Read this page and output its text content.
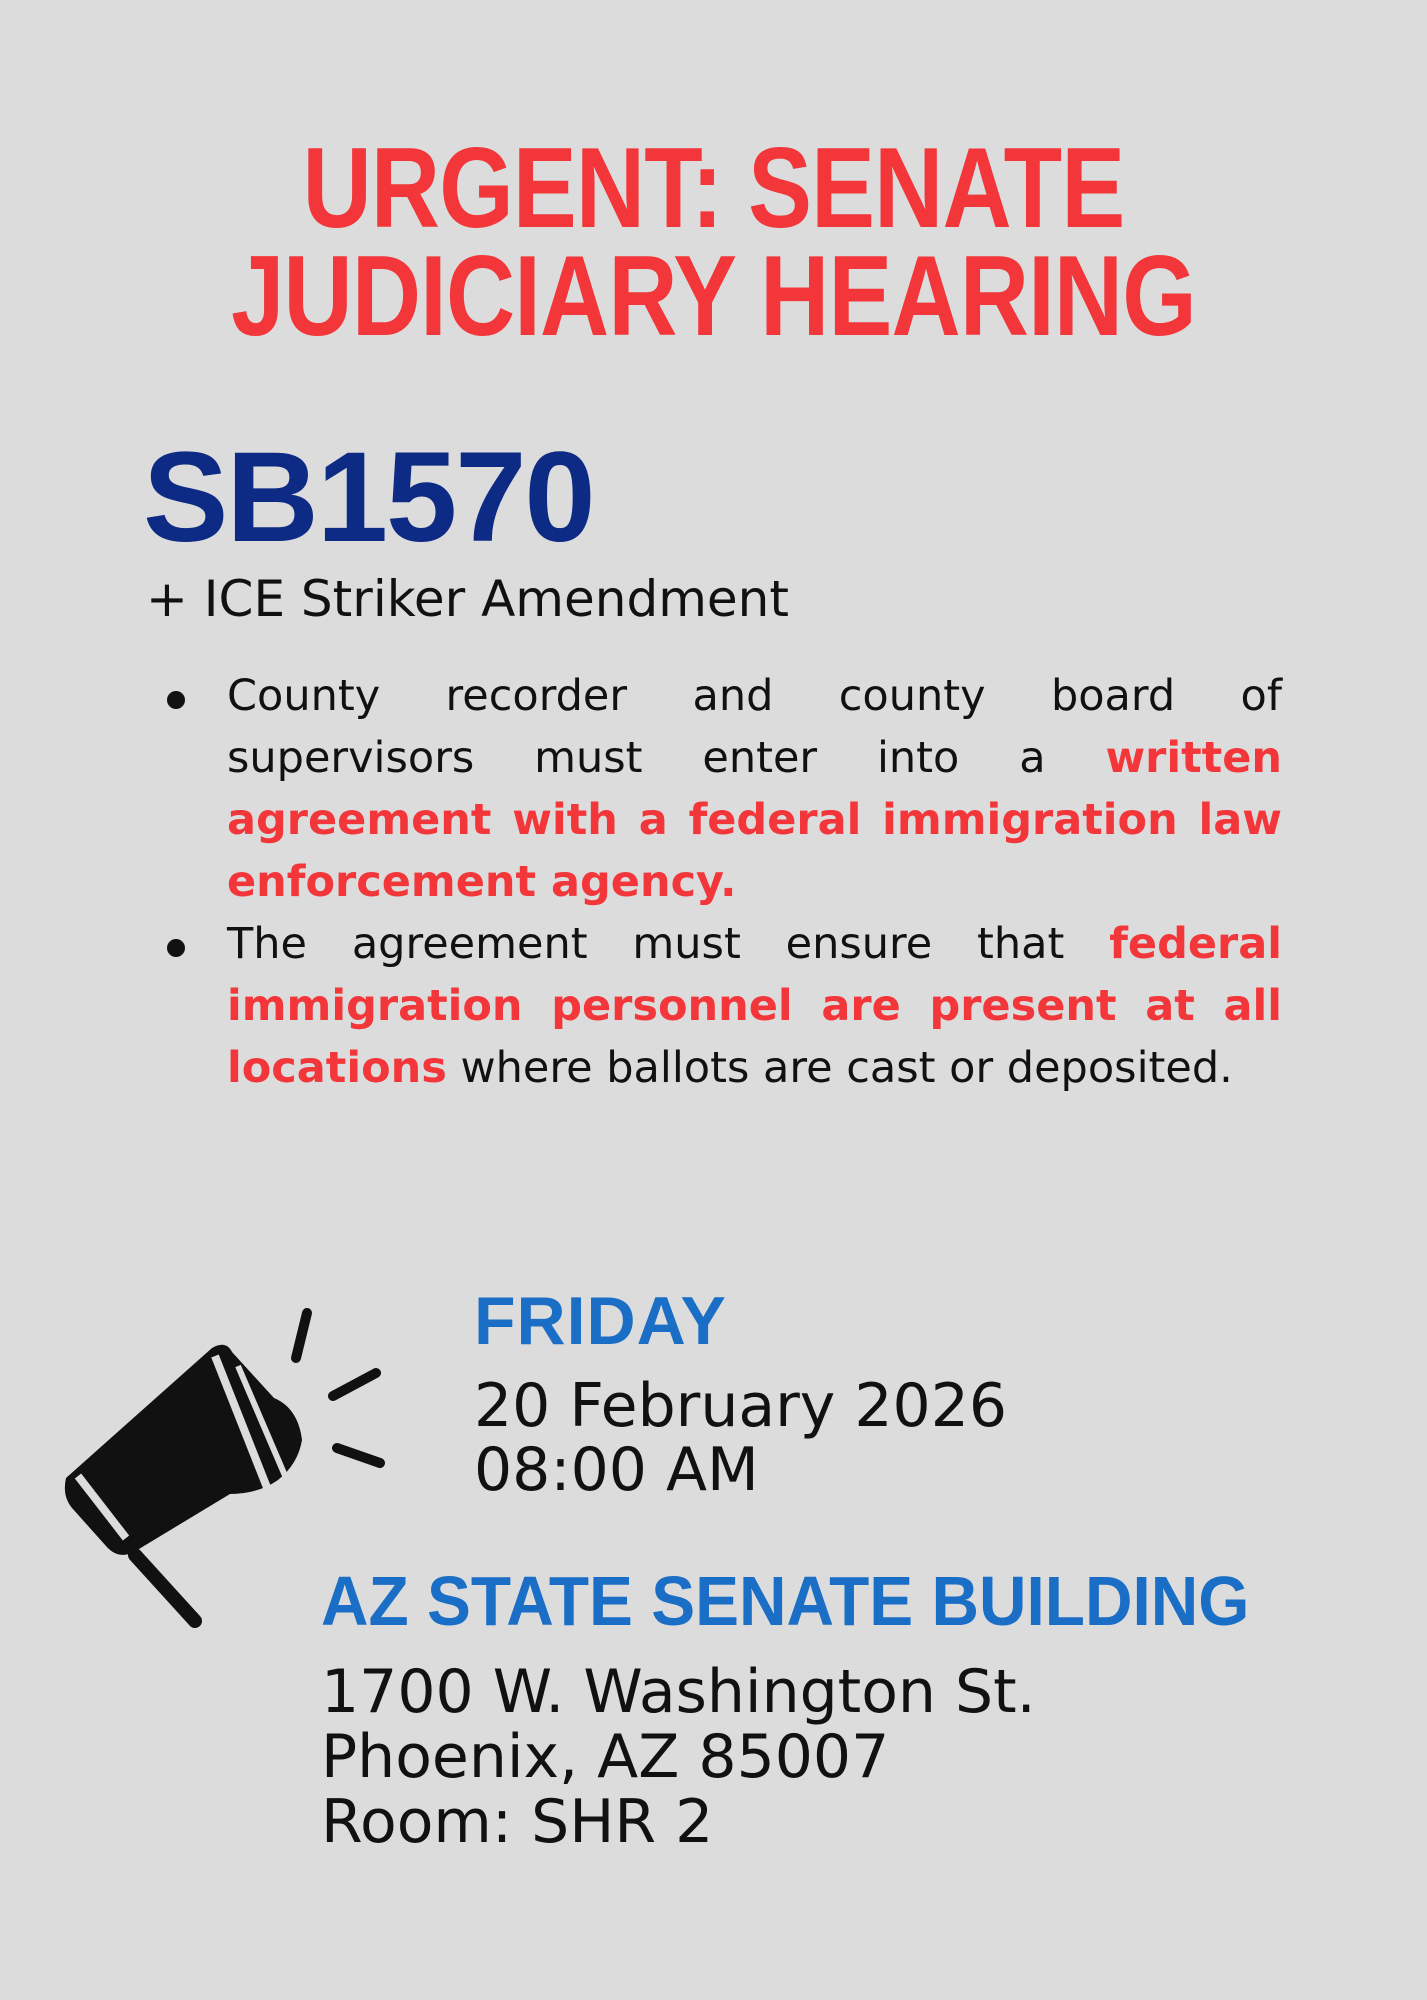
URGENT: SENATE
JUDICIARY HEARING
SB1570
+ ICE Striker Amendment
County recorder and county board of supervisors must enter into a written agreement with a federal immigration law enforcement agency.
The agreement must ensure that federal immigration personnel are present at all locations where ballots are cast or deposited.
FRIDAY
20 February 2026
08:00 AM
AZ STATE SENATE BUILDING
1700 W. Washington St.
Phoenix, AZ 85007
Room: SHR 2
